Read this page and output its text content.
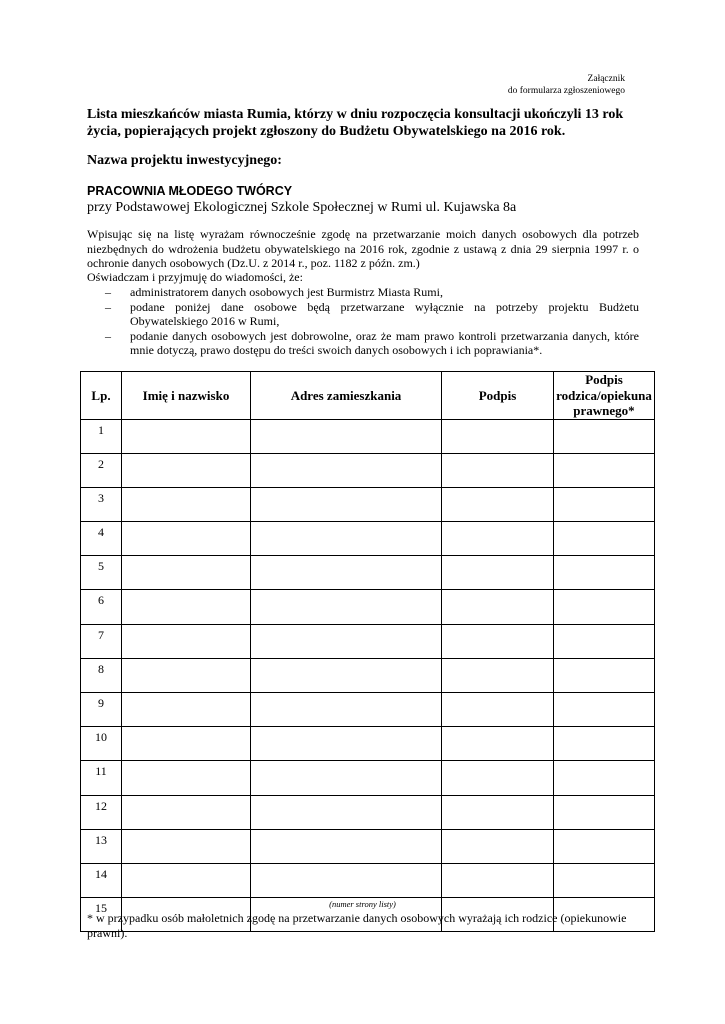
Załącznik
do formularza zgłoszeniowego
Lista mieszkańców miasta Rumia, którzy w dniu rozpoczęcia konsultacji ukończyli 13 rok życia, popierających projekt zgłoszony do Budżetu Obywatelskiego na 2016 rok.
Nazwa projektu inwestycyjnego:
PRACOWNIA MŁODEGO TWÓRCY
przy Podstawowej Ekologicznej Szkole Społecznej w Rumi ul. Kujawska 8a

Wpisując się na listę wyrażam równocześnie zgodę na przetwarzanie moich danych osobowych dla potrzeb niezbędnych do wdrożenia budżetu obywatelskiego na 2016 rok, zgodnie z ustawą z dnia 29 sierpnia 1997 r. o ochronie danych osobowych (Dz.U. z 2014 r., poz. 1182 z późn. zm.)

Oświadczam i przyjmuję do wiadomości, że:
– administratorem danych osobowych jest Burmistrz Miasta Rumi,
– podane poniżej dane osobowe będą przetwarzane wyłącznie na potrzeby projektu Budżetu Obywatelskiego 2016 w Rumi,
– podanie danych osobowych jest dobrowolne, oraz że mam prawo kontroli przetwarzania danych, które mnie dotyczą, prawo dostępu do treści swoich danych osobowych i ich poprawiania*.
Lp.	Imię i nazwisko	Adres zamieszkania	Podpis	Podpis rodzica/opiekuna prawnego*
1				
2				
3				
4				
5				
6				
7				
8				
9				
10				
11				
12				
13				
14				
15					(numer strony listy)
* w przypadku osób małoletnich zgodę na przetwarzanie danych osobowych wyrażają ich rodzice (opiekunowie prawni).
